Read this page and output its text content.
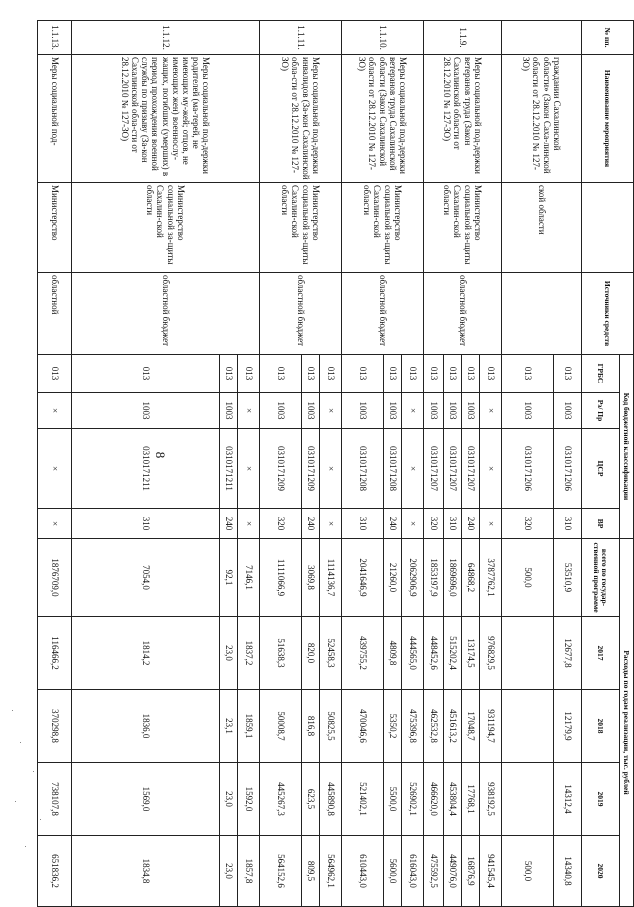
8
№ пп.	Наименование мероприятия		Источники средств	Код бюджетной классификации				Расходы по годам реализации, тыс. рублей				
				ГРБС	Рз/ Пр	ЦСР	ВР	всего по государ-ственной программе	2017	2018	2019	2020
	граждании Сахалинской области» (Закон Саха-линской области от 28.12.2010 № 127-ЗО)	ской области		013	1003	0310171206	310	53510,9	12677,8	12179,9	14312,4	14340,8
				013	1003	0310171206	320	500,0				500,0
1.1.9.	Меры социальной под-держки ветеранов труда (Закон Сахалинской области от 28.12.2010 № 127-ЗО)	Министерство социальной за-щиты Сахалин-ской области	областной бюджет	013	×	×	×	3787762,1	976829,5	931194,7	938192,5	941545,4
				013	1003	0310171207	240	64868,2	13174,5	17048,7	17768,1	16876,9
				013	1003	0310171207	310	1869696,0	515202,4	451613,2	453804,4	449076,0
				013	1003	0310171207	320	1853197,9	448452,6	462532,8	466620,0	475592,5
1.1.10.	Меры социальной под-держки ветеранов труда Сахалинской области (Закон Сахалинской области от 28.12.2010 № 127-ЗО)	Министерство социальной за-щиты Сахалин-ской области	областной бюджет	013	×	×	×	2062906,9	444565,0	475396,8	526902,1	616043,0
				013	1003	0310171208	240	21260,0	4809,8	5350,2	5500,0	5600,0
				013	1003	0310171208	310	2041646,9	439755,2	470046,6	521402,1	610443,0
1.1.11.	Меры социальной под-держки инвалидов (За-кон Сахалинской обла-сти от 28.12.2010 № 127-ЗО)	Министерство социальной за-щиты Сахалин-ской области	областной бюджет	013	×	×	×	1114136,7	52458,3	50825,5	445890,8	564962,1
				013	1003	0310171209	240	3069,8	820,0	816,8	623,5	809,5
				013	1003	0310171209	320	1111066,9	51638,3	50008,7	445267,3	564152,6
1.1.12.	Меры социальной под-держки родителей (ма-терей, не имеющих му-жей; отцов, не имеющих жен) военнослу-жащих, погибших (умерших) в период прохождения военной службы по призыву (За-кон Сахалинской обла-сти от 28.12.2010 № 127-ЗО)	Министерство социальной за-щиты Сахалин-ской области	областной бюджет	013	×	×	×	7146,1	1837,2	1859,1	1592,0	1857,8
				013	1003	0310171211	240	92,1	23,0	23,1	23,0	23,0
				013	1003	0310171211	310	7054,0	1814,2	1836,0	1569,0	1834,8
1.1.13.	Меры социальной под-	Министерство	областной	013	×	×	×	1876709,0	116466,2	370298,8	738107,8	651836,2
